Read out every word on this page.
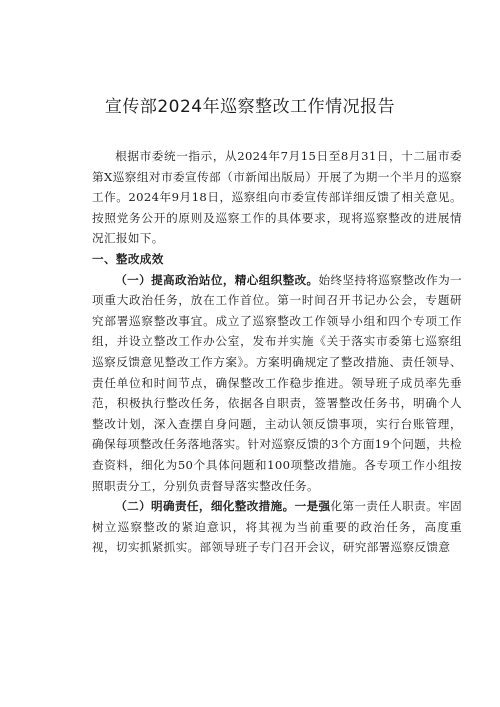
宣传部2024年巡察整改工作情况报告

根据市委统一指示，从2024年7月15日至8月31日，十二届市委第X巡察组对市委宣传部（市新闻出版局）开展了为期一个半月的巡察工作。2024年9月18日，巡察组向市委宣传部详细反馈了相关意见。按照党务公开的原则及巡察工作的具体要求，现将巡察整改的进展情况汇报如下。

一、整改成效

（一）提高政治站位，精心组织整改。始终坚持将巡察整改作为一项重大政治任务，放在工作首位。第一时间召开书记办公会，专题研究部署巡察整改事宜。成立了巡察整改工作领导小组和四个专项工作组，并设立整改工作办公室，发布并实施《关于落实市委第七巡察组巡察反馈意见整改工作方案》。方案明确规定了整改措施、责任领导、责任单位和时间节点，确保整改工作稳步推进。领导班子成员率先垂范，积极执行整改任务，依据各自职责，签署整改任务书，明确个人整改计划，深入查摆自身问题，主动认领反馈事项，实行台账管理，确保每项整改任务落地落实。针对巡察反馈的3个方面19个问题，共检查资料，细化为50个具体问题和100项整改措施。各专项工作小组按照职责分工，分别负责督导落实整改任务。

（二）明确责任，细化整改措施。一是强化第一责任人职责。牢固树立巡察整改的紧迫意识，将其视为当前重要的政治任务，高度重视，切实抓紧抓实。部领导班子专门召开会议，研究部署巡察反馈意
